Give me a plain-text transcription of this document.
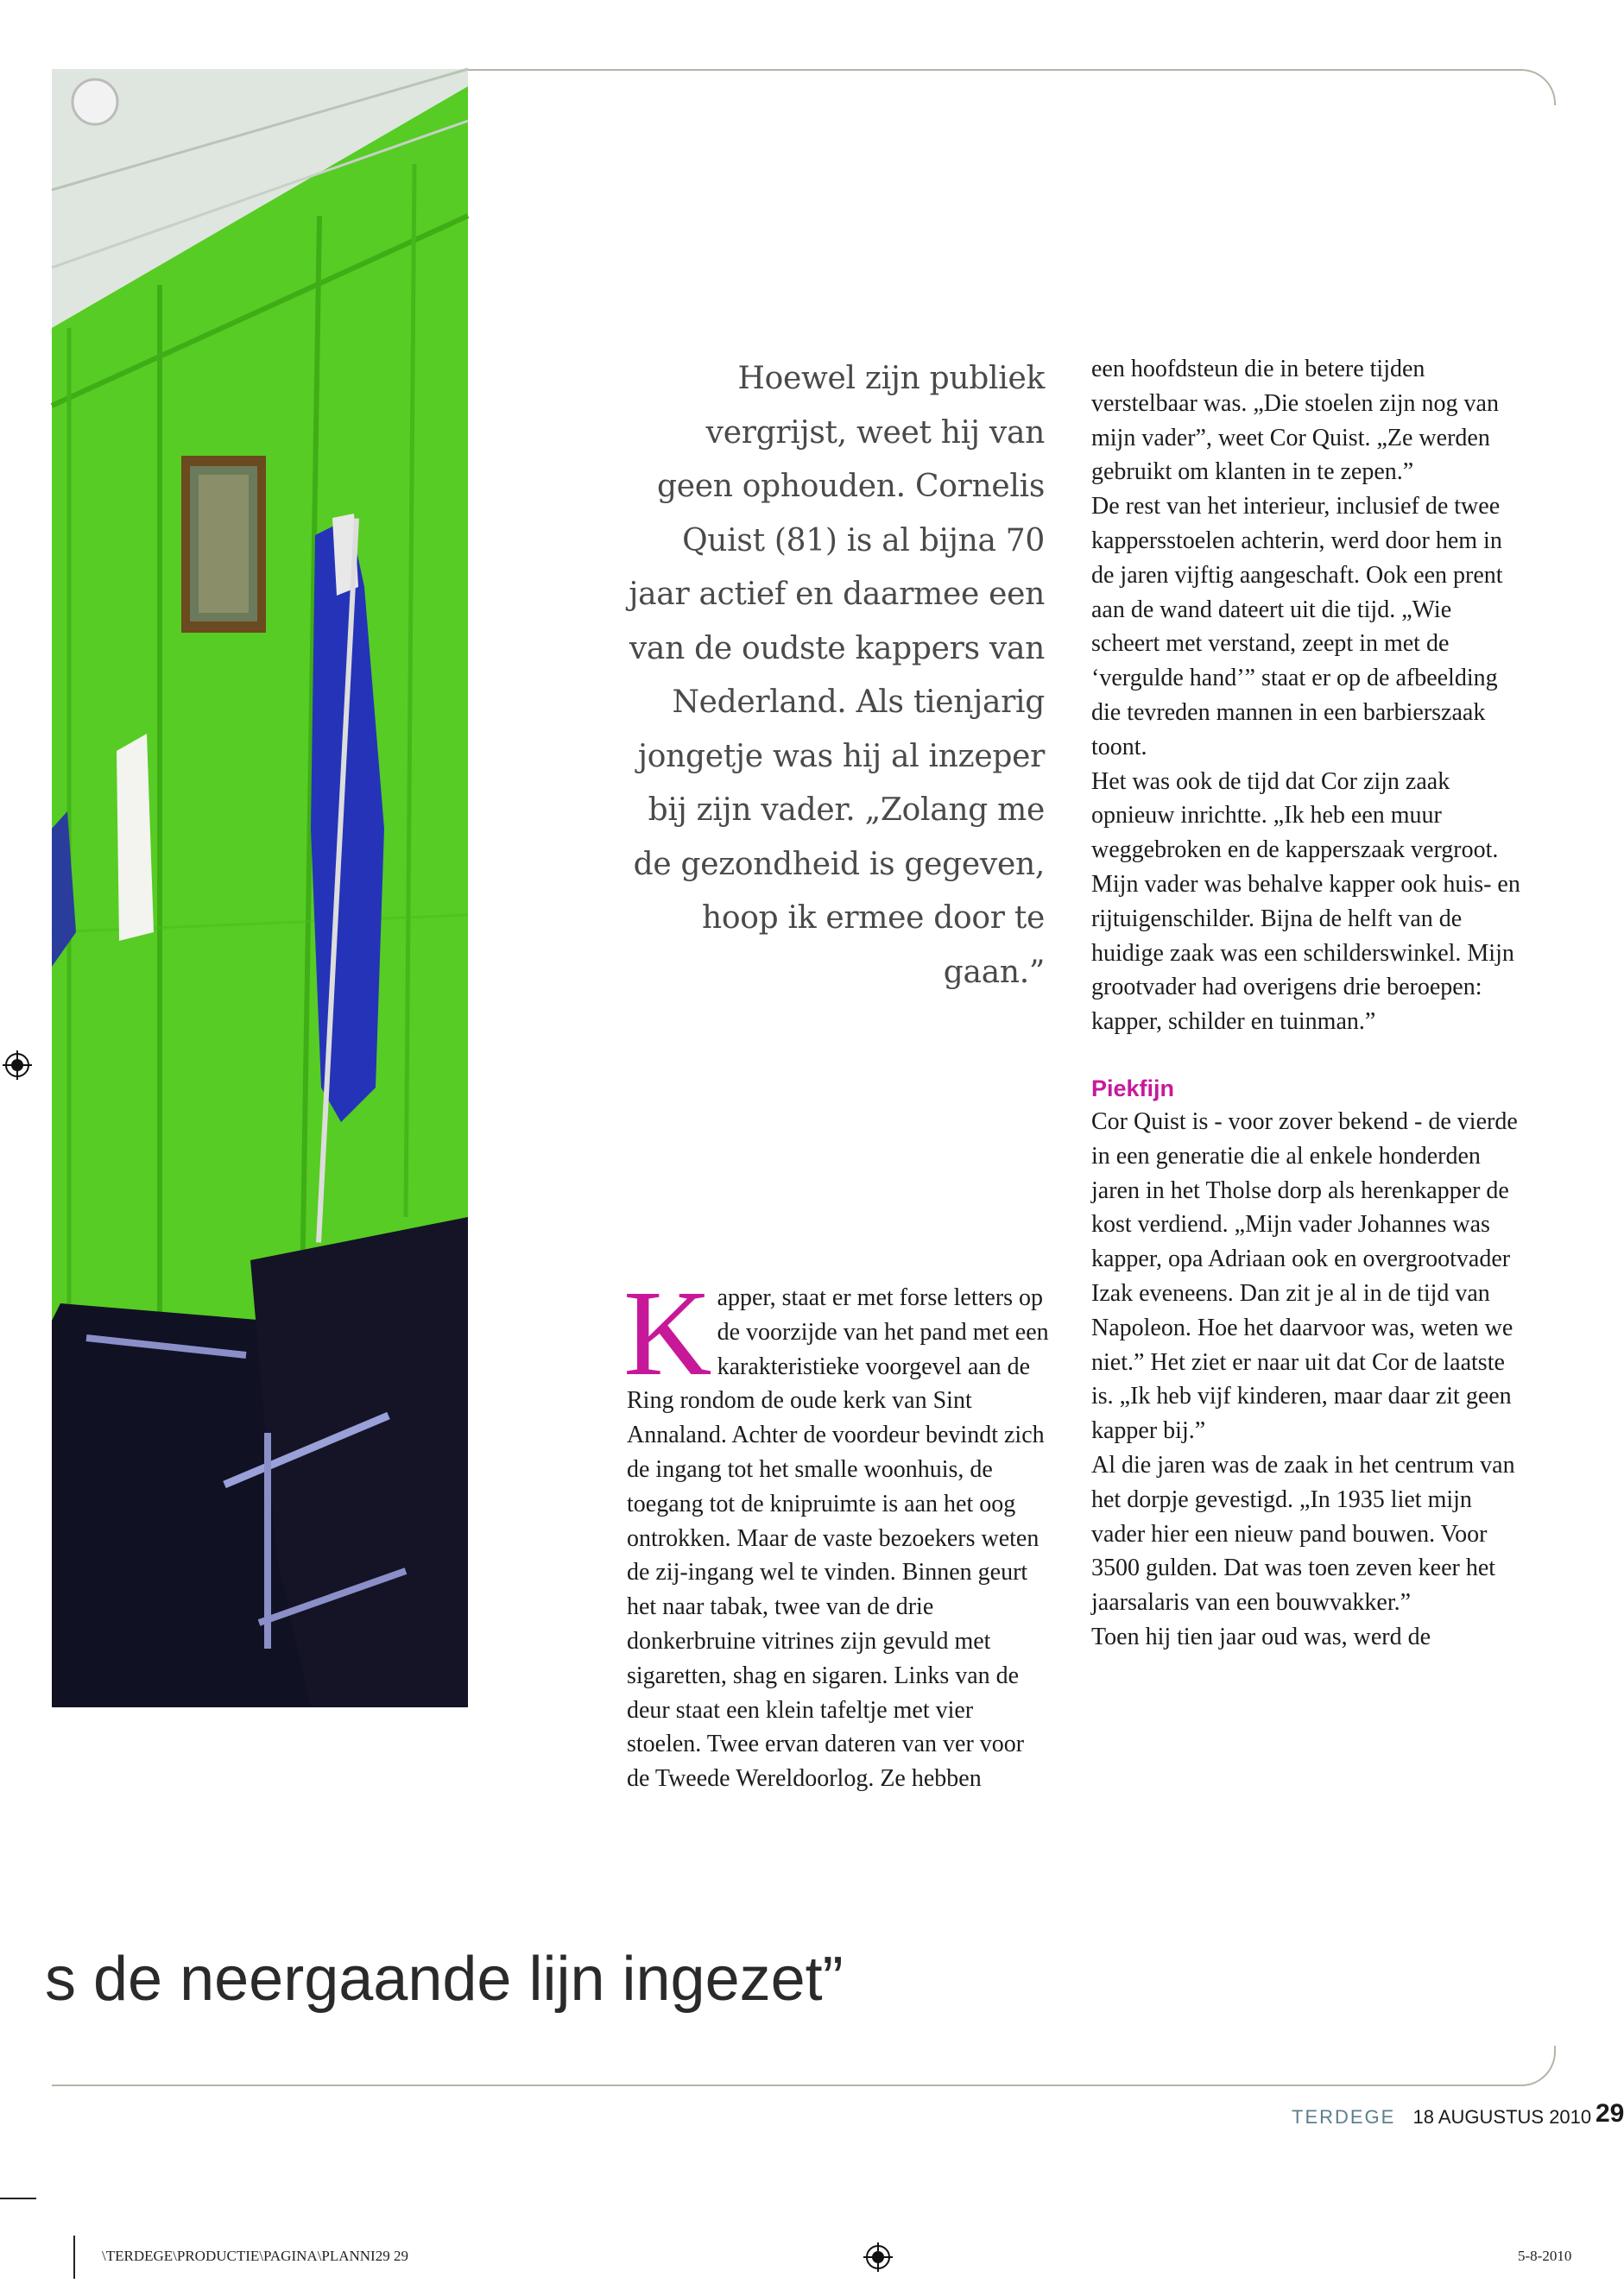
Hoewel zijn publiek vergrijst, weet hij van geen ophouden. Cornelis Quist (81) is al bijna 70 jaar actief en daarmee een van de oudste kappers van Nederland. Als tienjarig jongetje was hij al inzeper bij zijn vader. „Zolang me de gezondheid is gegeven, hoop ik ermee door te gaan.”
K apper, staat er met forse letters op de voorzijde van het pand met een karakteristieke voorgevel aan de Ring rondom de oude kerk van Sint Annaland. Achter de voordeur bevindt zich de ingang tot het smalle woonhuis, de toegang tot de knipruimte is aan het oog ontrokken. Maar de vaste bezoekers weten de zij-ingang wel te vinden. Binnen geurt het naar tabak, twee van de drie donkerbruine vitrines zijn gevuld met sigaretten, shag en sigaren. Links van de deur staat een klein tafeltje met vier stoelen. Twee ervan dateren van ver voor de Tweede Wereldoorlog. Ze hebben

een hoofdsteun die in betere tijden verstelbaar was. „Die stoelen zijn nog van mijn vader”, weet Cor Quist. „Ze werden gebruikt om klanten in te zepen.”

De rest van het interieur, inclusief de twee kappersstoelen achterin, werd door hem in de jaren vijftig aangeschaft. Ook een prent aan de wand dateert uit die tijd. „Wie scheert met verstand, zeept in met de ‘vergulde hand’” staat er op de afbeelding die tevreden mannen in een barbierszaak toont.

Het was ook de tijd dat Cor zijn zaak opnieuw inrichtte. „Ik heb een muur weggebroken en de kapperszaak vergroot. Mijn vader was behalve kapper ook huis- en rijtuigenschilder. Bijna de helft van de huidige zaak was een schilderswinkel. Mijn grootvader had overigens drie beroepen: kapper, schilder en tuinman.”

Piekfijn

Cor Quist is - voor zover bekend - de vierde in een generatie die al enkele honderden jaren in het Tholse dorp als herenkapper de kost verdiend. „Mijn vader Johannes was kapper, opa Adriaan ook en overgrootvader Izak eveneens. Dan zit je al in de tijd van Napoleon. Hoe het daarvoor was, weten we niet.” Het ziet er naar uit dat Cor de laatste is. „Ik heb vijf kinderen, maar daar zit geen kapper bij.”

Al die jaren was de zaak in het centrum van het dorpje gevestigd. „In 1935 liet mijn vader hier een nieuw pand bouwen. Voor 3500 gulden. Dat was toen zeven keer het jaarsalaris van een bouwvakker.”

Toen hij tien jaar oud was, werd de

s de neergaande lijn ingezet”
TERDEGE 18 AUGUSTUS 2010 29
\TERDEGE\PRODUCTIE\PAGINA\PLANNI29 29	5-8-2010
